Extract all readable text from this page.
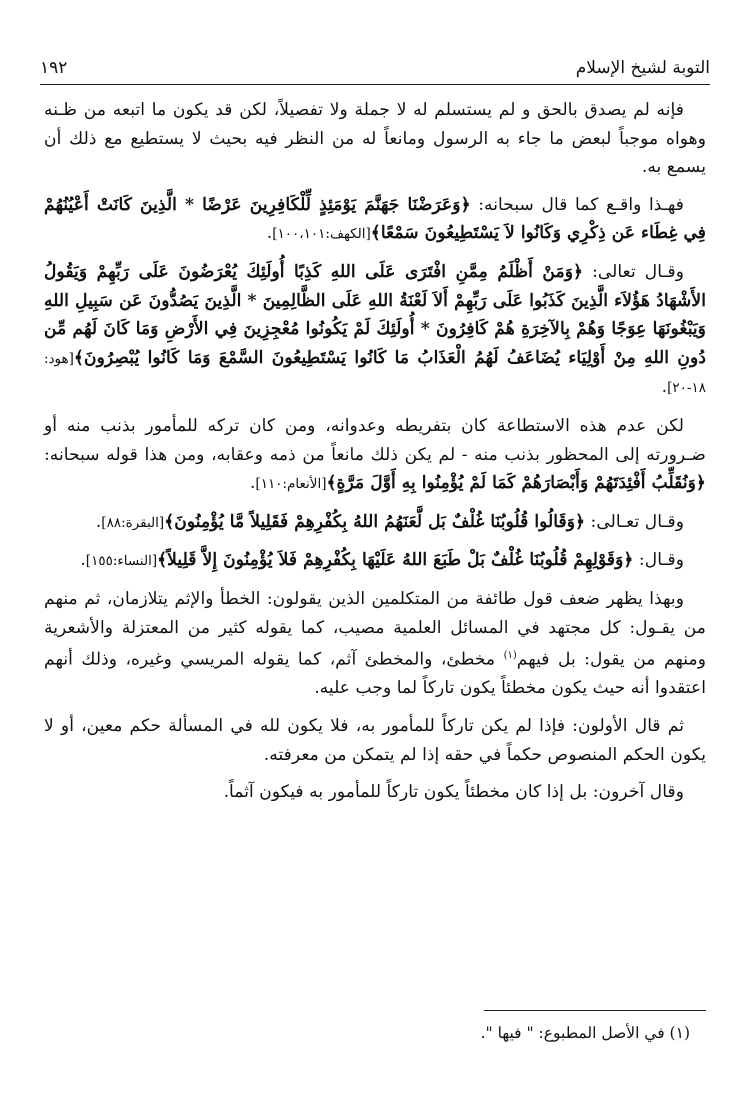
التوبة لشيخ الإسلام
١٩٢

فإنه لم يصدق بالحق و لم يستسلم له لا جملة ولا تفصيلاً، لكن قد يكون ما اتبعه من ظـنه وهواه موجباً لبعض ما جاء به الرسول ومانعاً له من النظر فيه بحيث لا يستطيع مع ذلك أن يسمع به.

فهـذا واقـع كما قال سبحانه: ﴿وَعَرَضْنَا جَهَنَّمَ يَوْمَئِذٍ لِّلْكَافِرِينَ عَرْضًا * الَّذِينَ كَانَتْ أَعْيُنُهُمْ فِي غِطَاء عَن ذِكْرِي وَكَانُوا لاَ يَسْتَطِيعُونَ سَمْعًا﴾[الكهف:١٠٠،١٠١].

وقـال تعالى: ﴿وَمَنْ أَظْلَمُ مِمَّنِ افْتَرَى عَلَى اللهِ كَذِبًا أُولَئِكَ يُعْرَضُونَ عَلَى رَبِّهِمْ وَيَقُولُ الأَشْهَادُ هَؤُلاَء الَّذِينَ كَذَبُوا عَلَى رَبِّهِمْ أَلاَ لَعْنَةُ اللهِ عَلَى الظَّالِمِينَ * الَّذِينَ يَصُدُّونَ عَن سَبِيلِ اللهِ وَيَبْغُونَهَا عِوَجًا وَهُمْ بِالآخِرَةِ هُمْ كَافِرُونَ * أُولَئِكَ لَمْ يَكُونُوا مُعْجِزِينَ فِي الأَرْضِ وَمَا كَانَ لَهُم مِّن دُونِ اللهِ مِنْ أَوْلِيَاء يُضَاعَفُ لَهُمُ الْعَذَابُ مَا كَانُوا يَسْتَطِيعُونَ السَّمْعَ وَمَا كَانُوا يُبْصِرُونَ﴾[هود: ١٨-٢٠].

لكن عدم هذه الاستطاعة كان بتفريطه وعدوانه، ومن كان تركه للمأمور بذنب منه أو ضـرورته إلى المحظور بذنب منه - لم يكن ذلك مانعاً من ذمه وعقابه، ومن هذا قوله سبحانه: ﴿وَنُقَلِّبُ أَفْئِدَتَهُمْ وَأَبْصَارَهُمْ كَمَا لَمْ يُؤْمِنُوا بِهِ أَوَّلَ مَرَّةٍ﴾[الأنعام:١١٠].

وقـال تعـالى: ﴿وَقَالُوا قُلُوبُنَا غُلْفٌ بَل لَّعَنَهُمُ اللهُ بِكُفْرِهِمْ فَقَلِيلاً مَّا يُؤْمِنُونَ﴾[البقرة:٨٨].

وقـال: ﴿وَقَوْلِهِمْ قُلُوبُنَا غُلْفٌ بَلْ طَبَعَ اللهُ عَلَيْهَا بِكُفْرِهِمْ فَلاَ يُؤْمِنُونَ إِلاَّ قَلِيلاً﴾[النساء:١٥٥].

وبهذا يظهر ضعف قول طائفة من المتكلمين الذين يقولون: الخطأ والإثم يتلازمان، ثم منهم من يقـول: كل مجتهد في المسائل العلمية مصيب، كما يقوله كثير من المعتزلة والأشعرية ومنهم من يقول: بل فيهم$^{(١)}$ مخطئ، والمخطئ آثم، كما يقوله المريسي وغيره، وذلك أنهم اعتقدوا أنه حيث يكون مخطئاً يكون تاركاً لما وجب عليه.

ثم قال الأولون: فإذا لم يكن تاركاً للمأمور به، فلا يكون لله في المسألة حكم معين، أو لا يكون الحكم المنصوص حكماً في حقه إذا لم يتمكن من معرفته.

وقال آخرون: بل إذا كان مخطئاً يكون تاركاً للمأمور به فيكون آثماً.

(١) في الأصل المطبوع: " فيها ".
